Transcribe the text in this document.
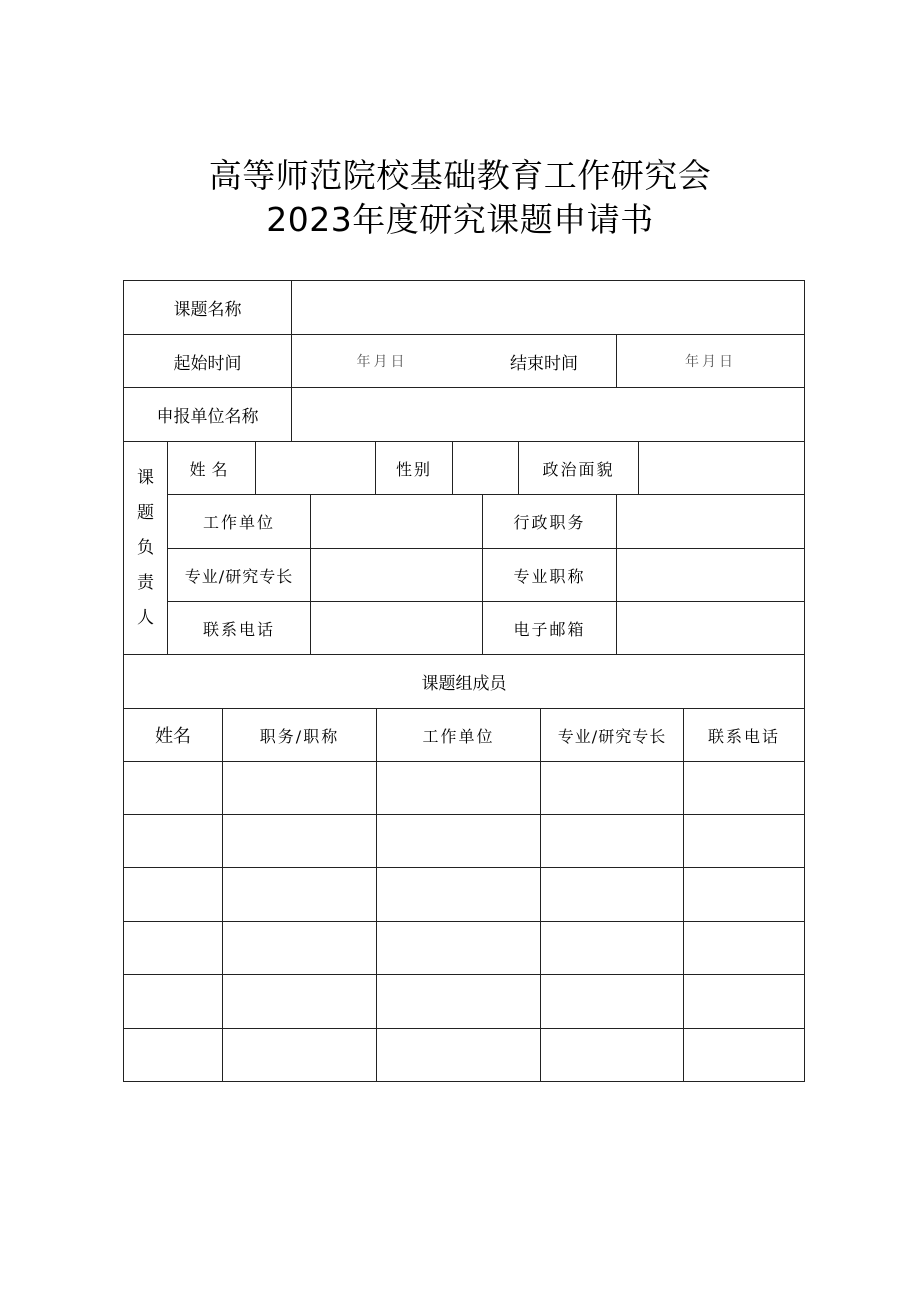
高等师范院校基础教育工作研究会
2023年度研究课题申请书
课题名称
起始时间	年月日	结束时间	年月日
申报单位名称
课
题
负
责
人
姓名	性别	政治面貌
工作单位	行政职务
专业/研究专长	专业职称
联系电话	电子邮箱
课题组成员
姓名	职务/职称	工作单位	专业/研究专长	联系电话
